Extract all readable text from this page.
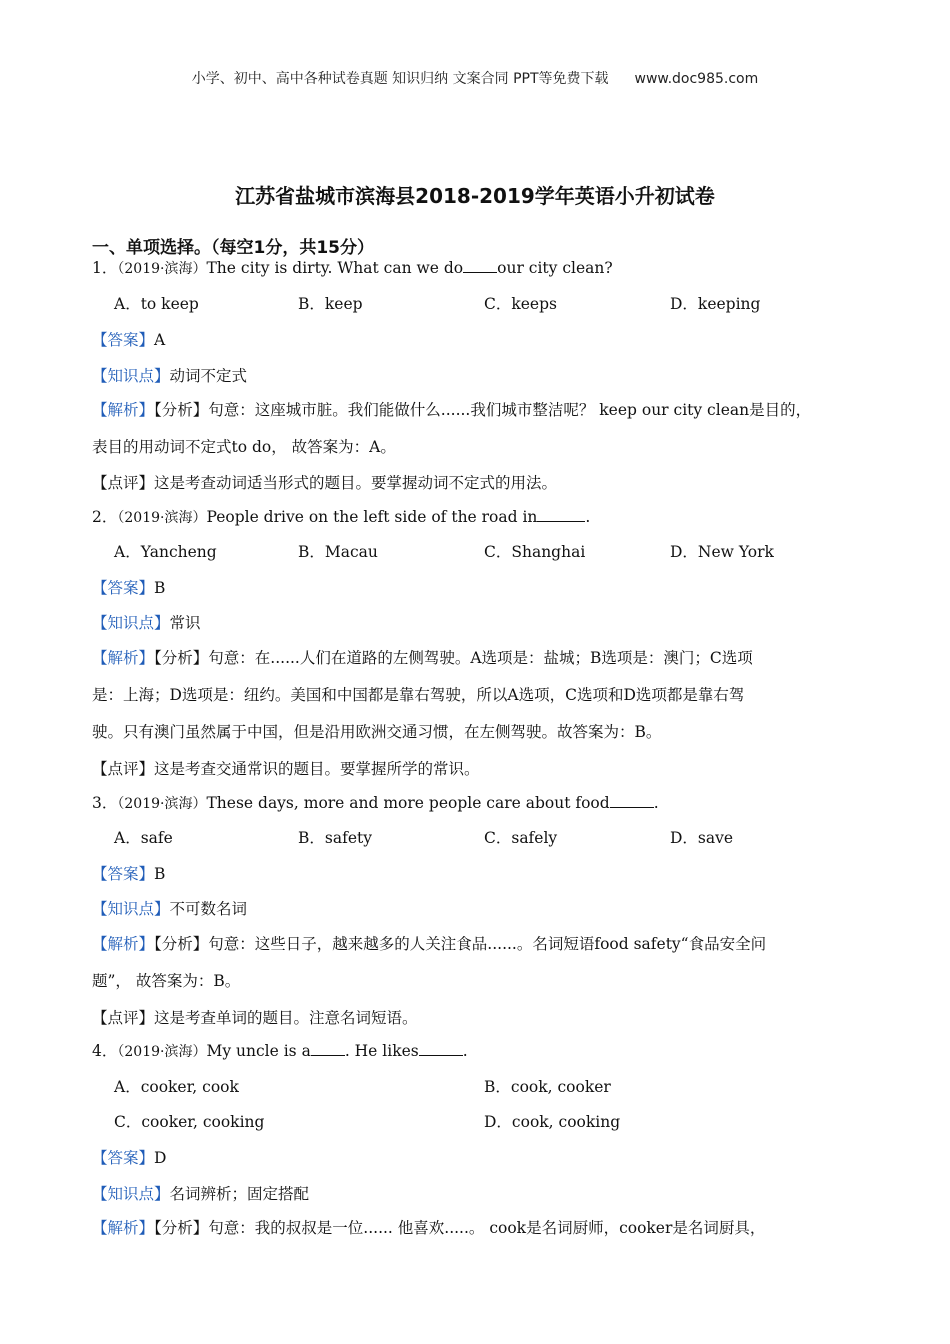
小学、初中、高中各种试卷真题 知识归纳 文案合同 PPT等免费下载 www.doc985.com
江苏省盐城市滨海县2018-2019学年英语小升初试卷
一、单项选择。（每空1分，共15分）
1．（2019·滨海）The city is dirty. What can we do our city clean?
A．to keep	B．keep	C．keeps	D．keeping
【答案】A
【知识点】动词不定式
【解析】【分析】句意：这座城市脏。我们能做什么......我们城市整洁呢？ keep our city clean是目的，
表目的用动词不定式to do， 故答案为：A。
【点评】这是考查动词适当形式的题目。要掌握动词不定式的用法。
2．（2019·滨海）People drive on the left side of the road in	.
A．Yancheng	B．Macau	C．Shanghai	D．New York
【答案】B
【知识点】常识
【解析】【分析】句意：在......人们在道路的左侧驾驶。A选项是：盐城；B选项是：澳门；C选项
是：上海；D选项是：纽约。美国和中国都是靠右驾驶，所以A选项，C选项和D选项都是靠右驾
驶。只有澳门虽然属于中国，但是沿用欧洲交通习惯，在左侧驾驶。故答案为：B。
【点评】这是考查交通常识的题目。要掌握所学的常识。
3．（2019·滨海）These days, more and more people care about food	.
A．safe	B．safety	C．safely	D．save
【答案】B
【知识点】不可数名词
【解析】【分析】句意：这些日子，越来越多的人关注食品......。名词短语food safety“食品安全问
题”， 故答案为：B。
【点评】这是考查单词的题目。注意名词短语。
4．（2019·滨海）My uncle is a . He likes	.
A．cooker, cook	B．cook, cooker
C．cooker, cooking	D．cook, cooking
【答案】D
【知识点】名词辨析；固定搭配
【解析】【分析】句意：我的叔叔是一位...... 他喜欢.....。 cook是名词厨师，cooker是名词厨具，
